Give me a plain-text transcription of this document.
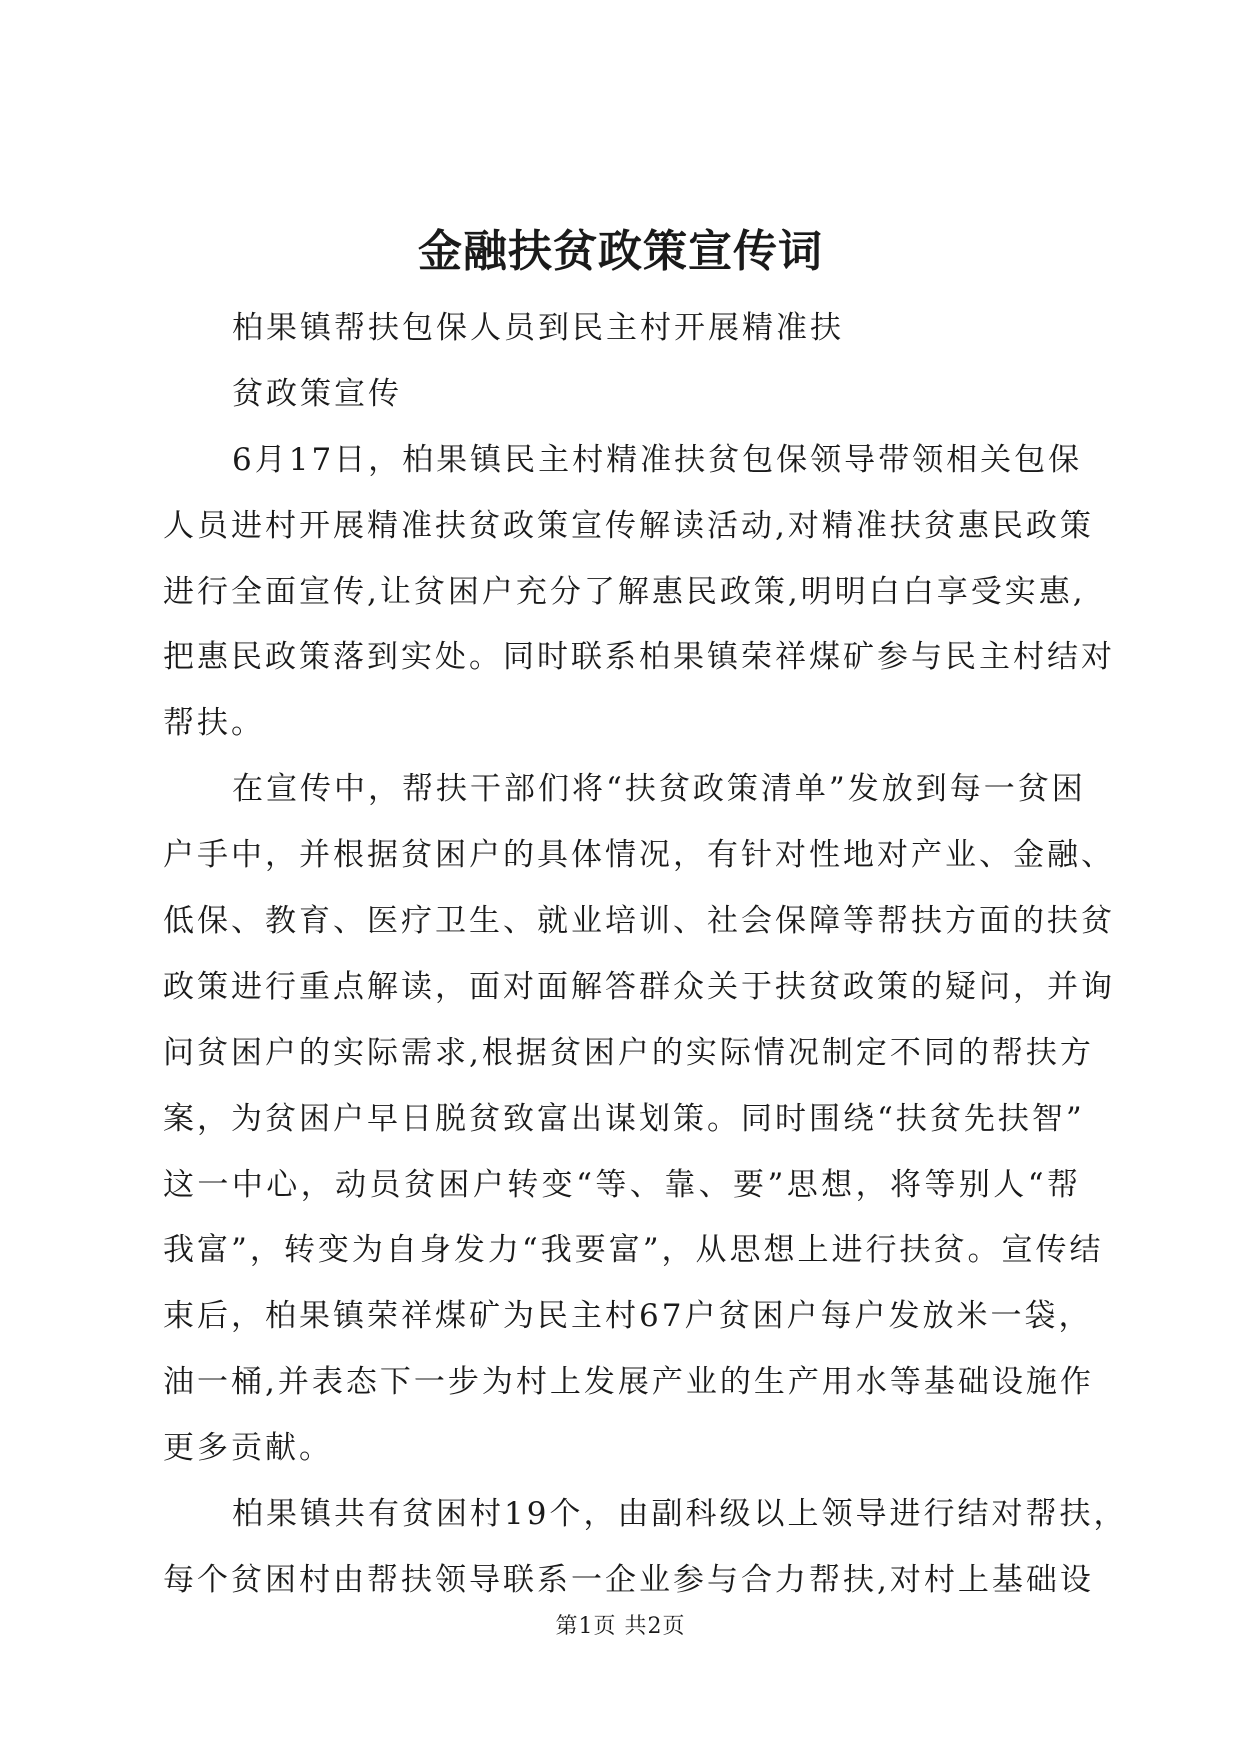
金融扶贫政策宣传词
柏果镇帮扶包保人员到民主村开展精准扶
贫政策宣传
6月17日，柏果镇民主村精准扶贫包保领导带领相关包保
人员进村开展精准扶贫政策宣传解读活动,对精准扶贫惠民政策
进行全面宣传,让贫困户充分了解惠民政策,明明白白享受实惠,
把惠民政策落到实处。同时联系柏果镇荣祥煤矿参与民主村结对
帮扶。
在宣传中，帮扶干部们将“扶贫政策清单”发放到每一贫困
户手中，并根据贫困户的具体情况，有针对性地对产业、金融、
低保、教育、医疗卫生、就业培训、社会保障等帮扶方面的扶贫
政策进行重点解读，面对面解答群众关于扶贫政策的疑问，并询
问贫困户的实际需求,根据贫困户的实际情况制定不同的帮扶方
案，为贫困户早日脱贫致富出谋划策。同时围绕“扶贫先扶智”
这一中心，动员贫困户转变“等、靠、要”思想，将等别人“帮
我富”，转变为自身发力“我要富”，从思想上进行扶贫。宣传结
束后，柏果镇荣祥煤矿为民主村67户贫困户每户发放米一袋，
油一桶,并表态下一步为村上发展产业的生产用水等基础设施作
更多贡献。
柏果镇共有贫困村19个，由副科级以上领导进行结对帮扶，
每个贫困村由帮扶领导联系一企业参与合力帮扶,对村上基础设
第1页 共2页
